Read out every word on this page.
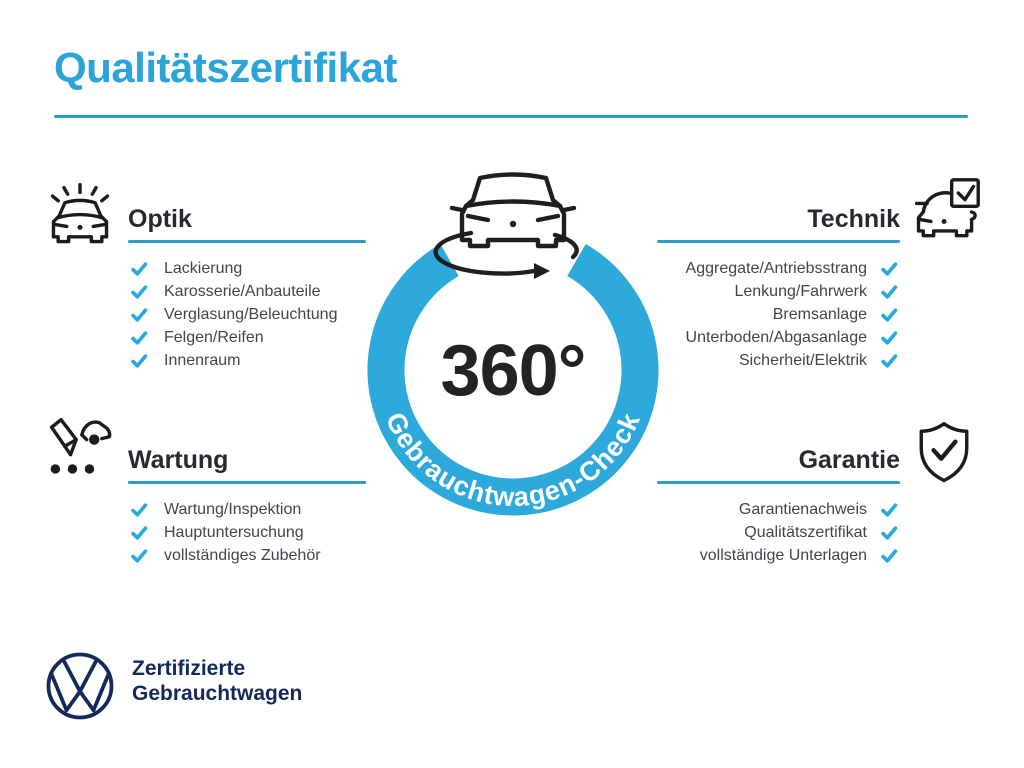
Qualitätszertifikat
Optik
Lackierung
Karosserie/Anbauteile
Verglasung/Beleuchtung
Felgen/Reifen
Innenraum
Technik
Aggregate/Antriebsstrang
Lenkung/Fahrwerk
Bremsanlage
Unterboden/Abgasanlage
Sicherheit/Elektrik
Wartung
Wartung/Inspektion
Hauptuntersuchung
vollständiges Zubehör
Garantie
Garantienachweis
Qualitätszertifikat
vollständige Unterlagen
360°
Gebrauchtwagen-Check
Zertifizierte
Gebrauchtwagen
